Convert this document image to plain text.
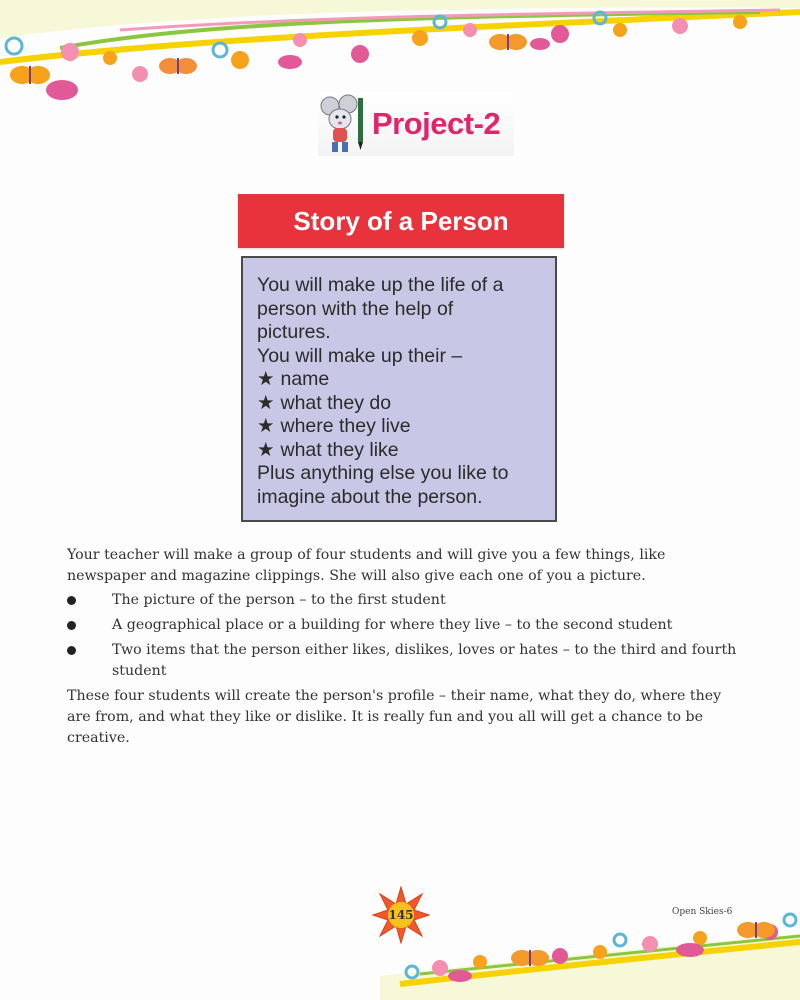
Project-2
Story of a Person
You will make up the life of a
person with the help of
pictures.
You will make up their –
★ name
★ what they do
★ where they live
★ what they like
Plus anything else you like to
imagine about the person.

Your teacher will make a group of four students and will give you a few things, like newspaper and magazine clippings. She will also give each one of you a picture.

The picture of the person – to the first student
A geographical place or a building for where they live – to the second student
Two items that the person either likes, dislikes, loves or hates – to the third and fourth student

These four students will create the person's profile – their name, what they do, where they are from, and what they like or dislike. It is really fun and you all will get a chance to be creative.

145	Open Skies-6
